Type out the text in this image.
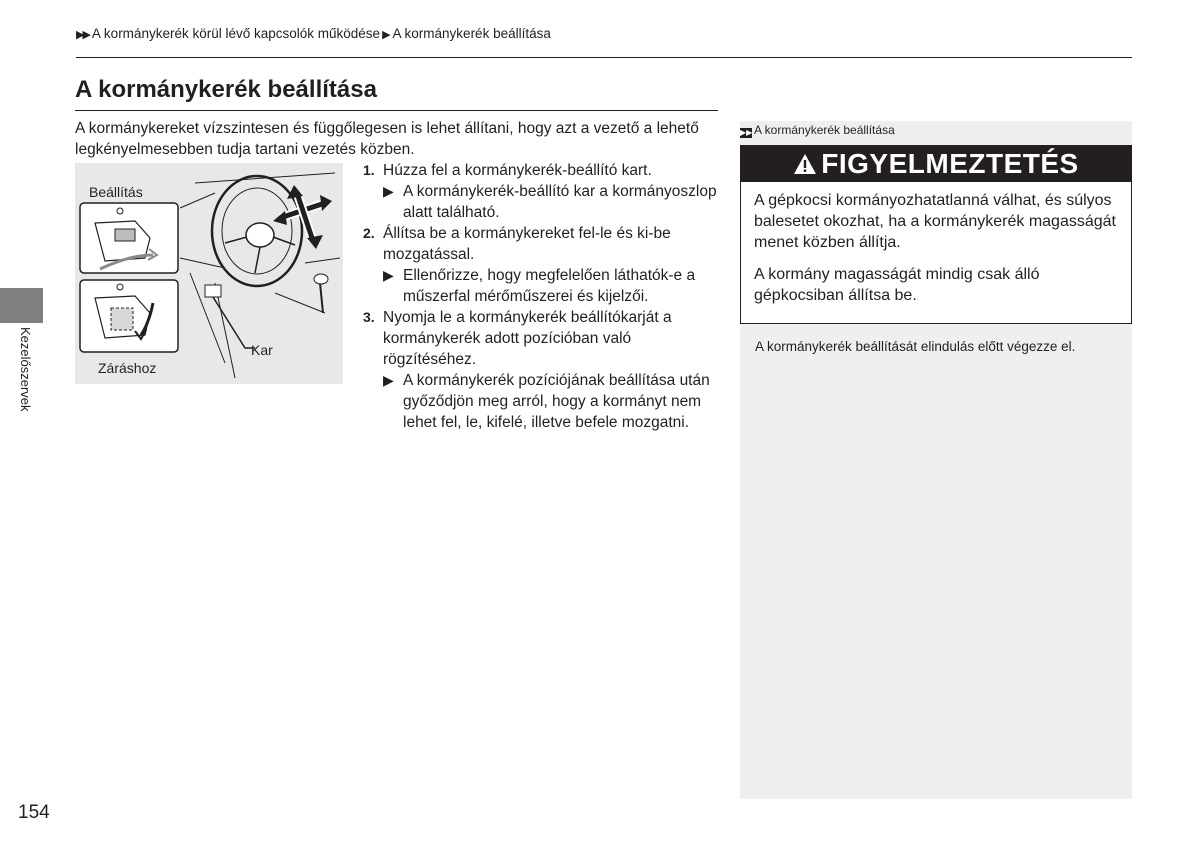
▶▶ A kormánykerék körül lévő kapcsolók működése ▶ A kormánykerék beállítása
A kormánykerék beállítása

A kormánykereket vízszintesen és függőlegesen is lehet állítani, hogy azt a vezető a lehető legkényelmesebben tudja tartani vezetés közben.

Beállítás
Záráshoz
Kar
1. Húzza fel a kormánykerék-beállító kart.
▶ A kormánykerék-beállító kar a kormányoszlop alatt található.
2. Állítsa be a kormánykereket fel-le és ki-be mozgatással.
▶ Ellenőrizze, hogy megfelelően láthatók-e a műszerfal mérőműszerei és kijelzői.
3. Nyomja le a kormánykerék beállítókarját a kormánykerék adott pozícióban való rögzítéséhez.
▶ A kormánykerék pozíciójának beállítása után győződjön meg arról, hogy a kormányt nem lehet fel, le, kifelé, illetve befele mozgatni.
Kezelőszervek
▶▶ A kormánykerék beállítása
FIGYELMEZTETÉS

A gépkocsi kormányozhatatlanná válhat, és súlyos balesetet okozhat, ha a kormánykerék magasságát menet közben állítja.

A kormány magasságát mindig csak álló gépkocsiban állítsa be.

A kormánykerék beállítását elindulás előtt végezze el.
154
